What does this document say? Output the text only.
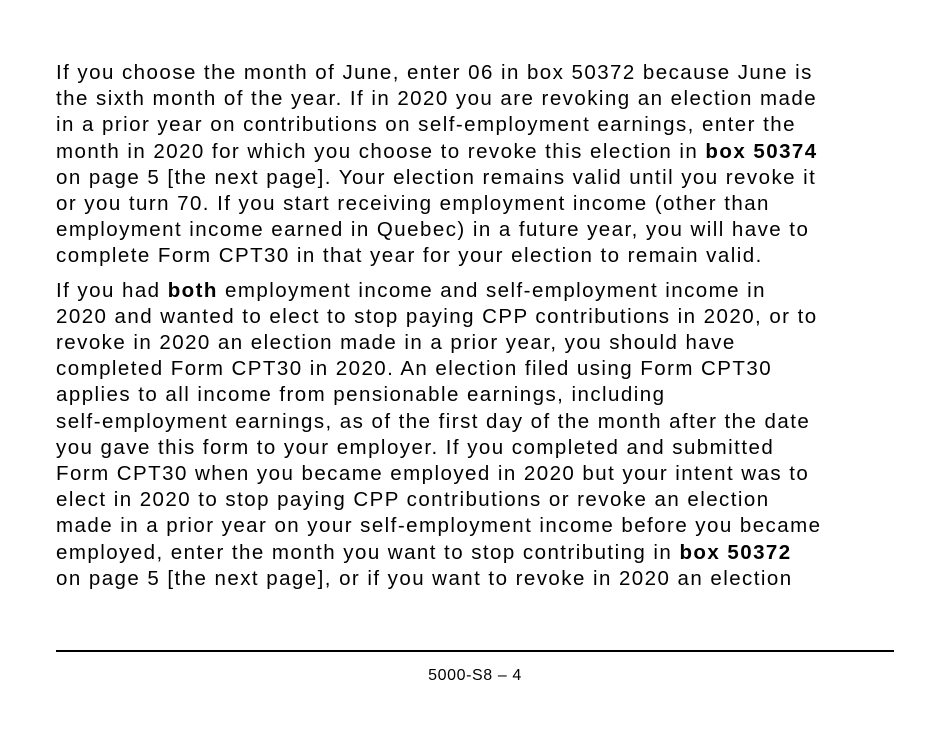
If you choose the month of June, enter 06 in box 50372 because June is
the sixth month of the year. If in 2020 you are revoking an election made
in a prior year on contributions on self-employment earnings, enter the
month in 2020 for which you choose to revoke this election in box 50374
on page 5 [the next page]. Your election remains valid until you revoke it
or you turn 70. If you start receiving employment income (other than
employment income earned in Quebec) in a future year, you will have to
complete Form CPT30 in that year for your election to remain valid.
If you had both employment income and self-employment income in
2020 and wanted to elect to stop paying CPP contributions in 2020, or to
revoke in 2020 an election made in a prior year, you should have
completed Form CPT30 in 2020. An election filed using Form CPT30
applies to all income from pensionable earnings, including
self-employment earnings, as of the first day of the month after the date
you gave this form to your employer. If you completed and submitted
Form CPT30 when you became employed in 2020 but your intent was to
elect in 2020 to stop paying CPP contributions or revoke an election
made in a prior year on your self-employment income before you became
employed, enter the month you want to stop contributing in box 50372
on page 5 [the next page], or if you want to revoke in 2020 an election
5000-S8 – 4
